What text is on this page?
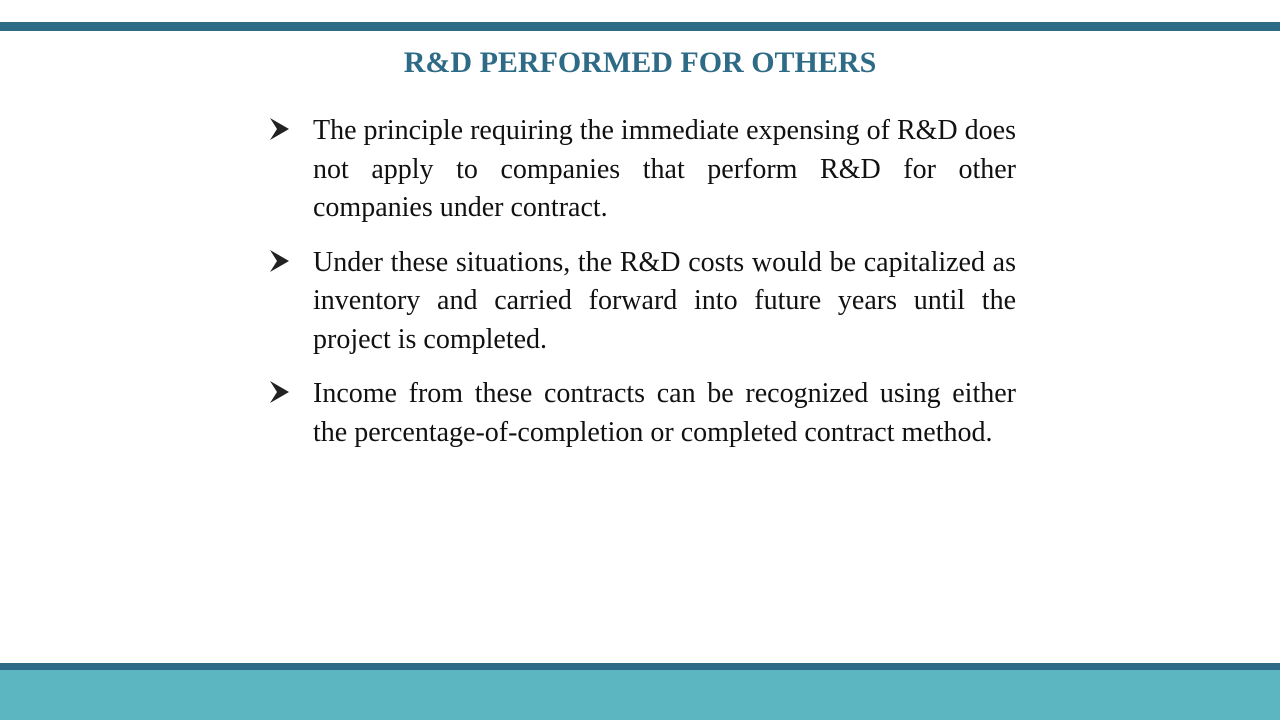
R&D PERFORMED FOR OTHERS
The principle requiring the immediate expensing of R&D does not apply to companies that perform R&D for other companies under contract.
Under these situations, the R&D costs would be capitalized as inventory and carried forward into future years until the project is completed.
Income from these contracts can be recognized using either the percentage-of-completion or completed contract method.
